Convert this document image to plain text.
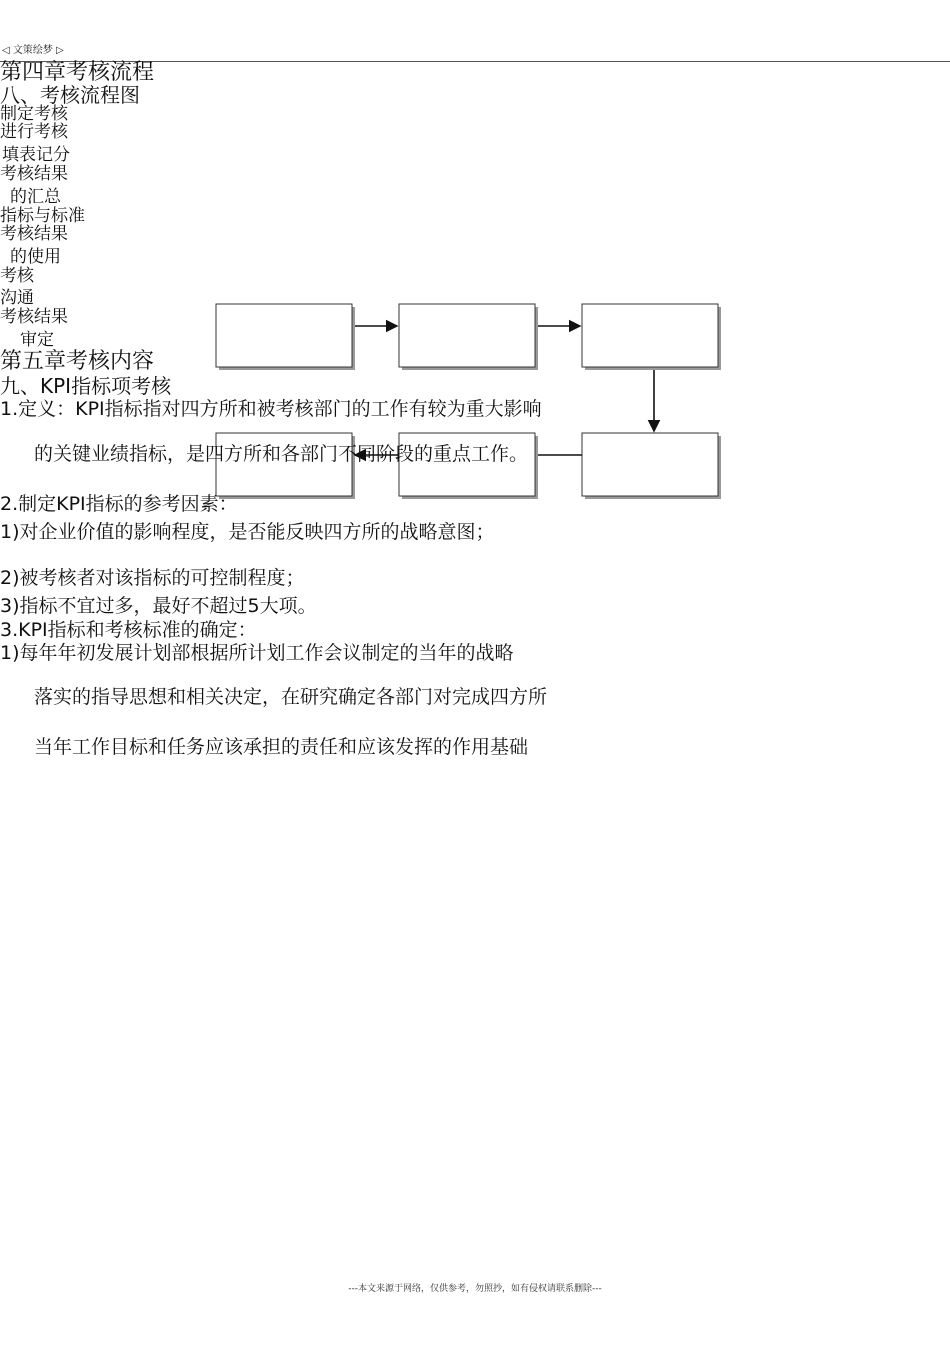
◁ 文策绘梦 ▷
第四章考核流程
八、考核流程图
制定考核
进行考核
填表记分
考核结果
的汇总
指标与标准
考核结果
的使用
考核
沟通
考核结果
审定
第五章考核内容
九、KPI指标项考核
1.定义：KPI指标指对四方所和被考核部门的工作有较为重大影响
的关键业绩指标，是四方所和各部门不同阶段的重点工作。
2.制定KPI指标的参考因素：
1)对企业价值的影响程度，是否能反映四方所的战略意图；
2)被考核者对该指标的可控制程度；
3)指标不宜过多，最好不超过5大项。
3.KPI指标和考核标准的确定：
1)每年年初发展计划部根据所计划工作会议制定的当年的战略
落实的指导思想和相关决定，在研究确定各部门对完成四方所
当年工作目标和任务应该承担的责任和应该发挥的作用基础
---本文来源于网络，仅供参考，勿照抄，如有侵权请联系删除---
